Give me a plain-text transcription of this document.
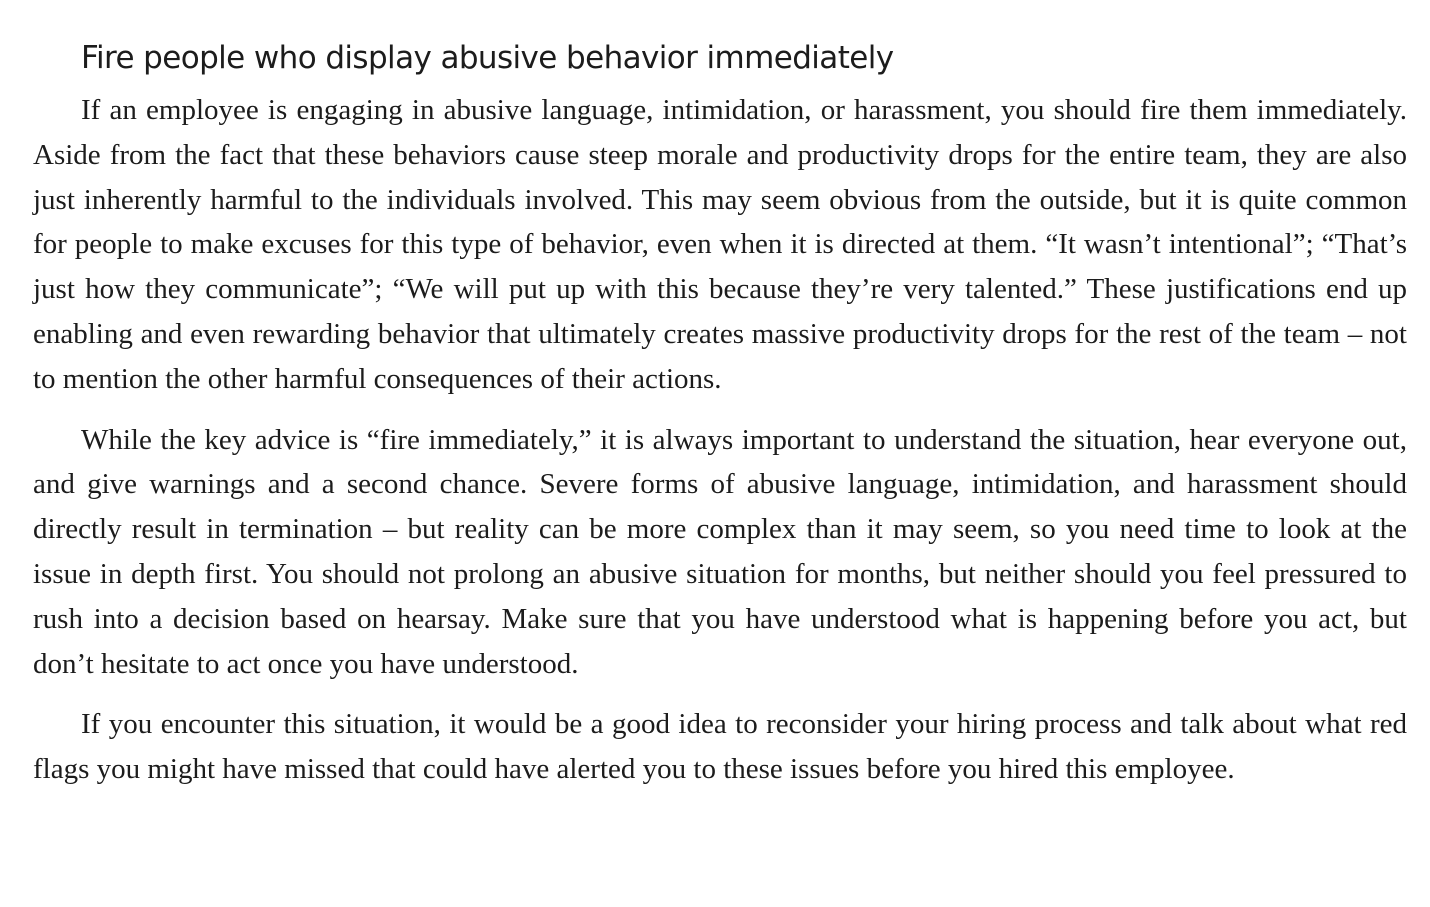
Fire people who display abusive behavior immediately

If an employee is engaging in abusive language, intimidation, or harassment, you should fire them immediately. Aside from the fact that these behaviors cause steep morale and productivity drops for the entire team, they are also just inherently harmful to the individuals involved. This may seem obvious from the outside, but it is quite common for people to make excuses for this type of behavior, even when it is directed at them. “It wasn’t intentional”; “That’s just how they communicate”; “We will put up with this because they’re very talented.” These justifications end up enabling and even rewarding behavior that ultimately creates massive productivity drops for the rest of the team – not to mention the other harmful consequences of their actions.

While the key advice is “fire immediately,” it is always important to understand the situation, hear everyone out, and give warnings and a second chance. Severe forms of abusive language, intimidation, and harassment should directly result in termination – but reality can be more complex than it may seem, so you need time to look at the issue in depth first. You should not prolong an abusive situation for months, but neither should you feel pressured to rush into a decision based on hearsay. Make sure that you have understood what is happening before you act, but don’t hesitate to act once you have understood.

If you encounter this situation, it would be a good idea to reconsider your hiring process and talk about what red flags you might have missed that could have alerted you to these issues before you hired this employee.
